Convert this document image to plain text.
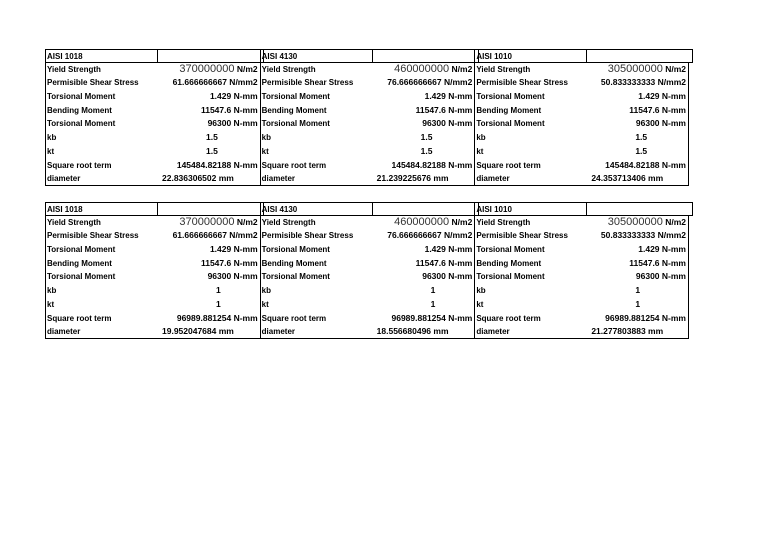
AISI 1018	AISI 4130	AISI 1010
Yield Strength	370000000 N/m2 Yield Strength	460000000 N/m2 Yield Strength	305000000 N/m2
Permisible Shear Stress	61.666666667 N/mm2 Permisible Shear Stress	76.666666667 N/mm2 Permisible Shear Stress	50.833333333 N/mm2
Torsional Moment	1.429 N-mm Torsional Moment	1.429 N-mm Torsional Moment	1.429 N-mm
Bending Moment	11547.6 N-mm Bending Moment	11547.6 N-mm Bending Moment	11547.6 N-mm
Torsional Moment	96300 N-mm Torsional Moment	96300 N-mm Torsional Moment	96300 N-mm
kb	1.5	kb	1.5	kb	1.5
kt	1.5	kt	1.5	kt	1.5
Square root term	145484.82188 N-mm Square root term	145484.82188 N-mm Square root term	145484.82188 N-mm
diameter	22.836306502 mm	diameter	21.239225676 mm	diameter	24.353713406 mm
AISI 1018	AISI 4130	AISI 1010
Yield Strength	370000000 N/m2 Yield Strength	460000000 N/m2 Yield Strength	305000000 N/m2
Permisible Shear Stress	61.666666667 N/mm2 Permisible Shear Stress	76.666666667 N/mm2 Permisible Shear Stress	50.833333333 N/mm2
Torsional Moment	1.429 N-mm Torsional Moment	1.429 N-mm Torsional Moment	1.429 N-mm
Bending Moment	11547.6 N-mm Bending Moment	11547.6 N-mm Bending Moment	11547.6 N-mm
Torsional Moment	96300 N-mm Torsional Moment	96300 N-mm Torsional Moment	96300 N-mm
kb	1	kb	1	kb	1
kt	1	kt	1	kt	1
Square root term	96989.881254 N-mm Square root term	96989.881254 N-mm Square root term	96989.881254 N-mm
diameter	19.952047684 mm	diameter	18.556680496 mm	diameter	21.277803883 mm
